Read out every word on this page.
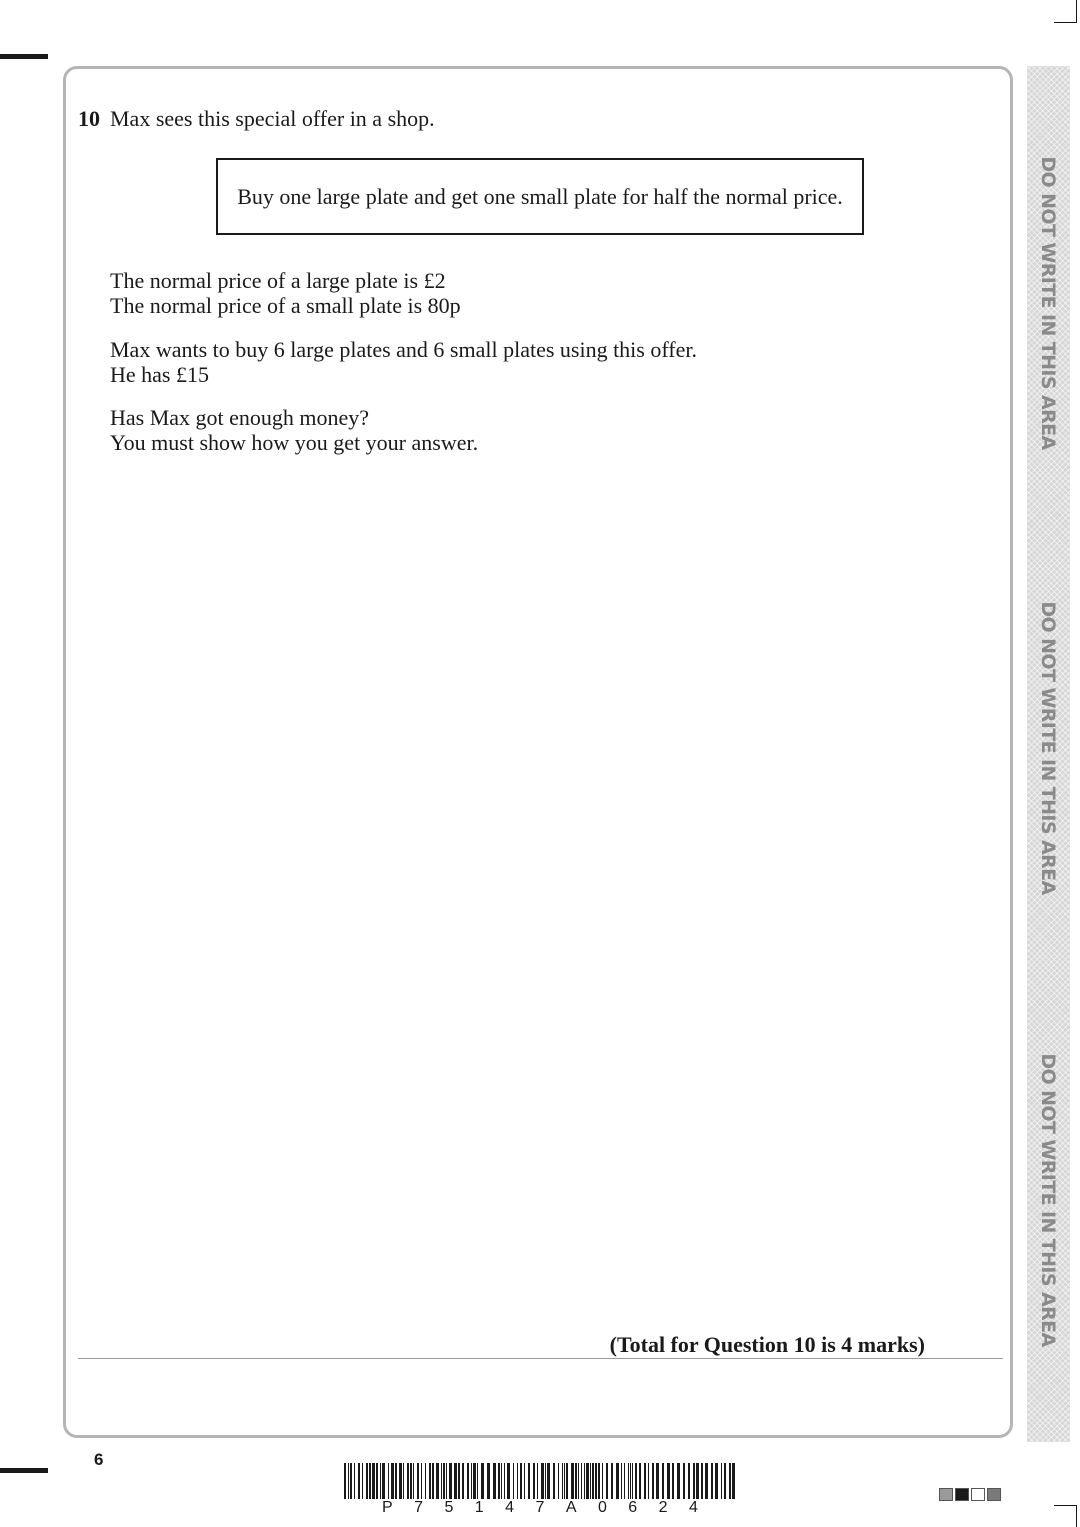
10 Max sees this special offer in a shop.
Buy one large plate and get one small plate for half the normal price.
The normal price of a large plate is £2
The normal price of a small plate is 80p
Max wants to buy 6 large plates and 6 small plates using this offer.
He has £15
Has Max got enough money?
You must show how you get your answer.
(Total for Question 10 is 4 marks)
DO NOT WRITE IN THIS AREA
DO NOT WRITE IN THIS AREA
DO NOT WRITE IN THIS AREA
6
P 7 5 1 4 7 A 0 6 2 4
